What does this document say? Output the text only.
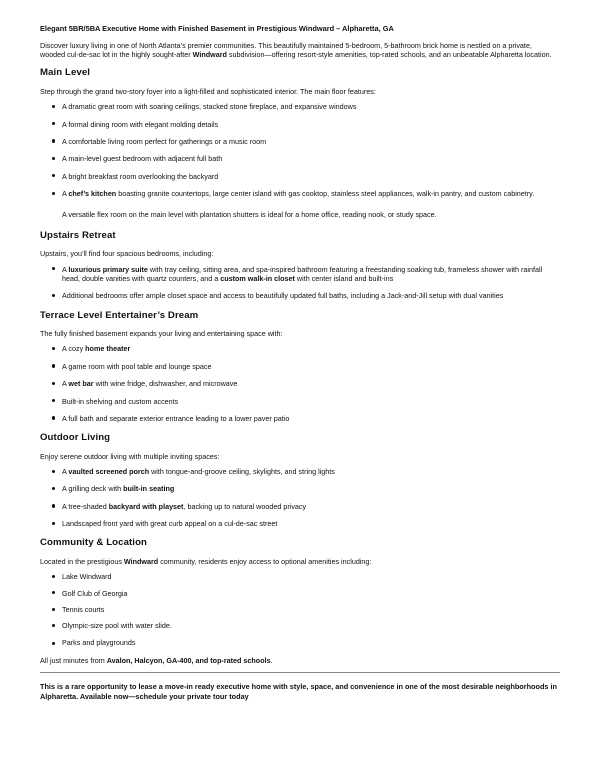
Elegant 5BR/5BA Executive Home with Finished Basement in Prestigious Windward – Alpharetta, GA

Discover luxury living in one of North Atlanta’s premier communities. This beautifully maintained 5-bedroom, 5-bathroom brick home is nestled on a private, wooded cul-de-sac lot in the highly sought-after Windward subdivision—offering resort-style amenities, top-rated schools, and an unbeatable Alpharetta location.

Main Level

Step through the grand two-story foyer into a light-filled and sophisticated interior. The main floor features:

A dramatic great room with soaring ceilings, stacked stone fireplace, and expansive windows
A formal dining room with elegant molding details
A comfortable living room perfect for gatherings or a music room
A main-level guest bedroom with adjacent full bath
A bright breakfast room overlooking the backyard
A chef’s kitchen boasting granite countertops, large center island with gas cooktop, stainless steel appliances, walk-in pantry, and custom cabinetry.

A versatile flex room on the main level with plantation shutters is ideal for a home office, reading nook, or study space.

Upstairs Retreat

Upstairs, you’ll find four spacious bedrooms, including:

A luxurious primary suite with tray ceiling, sitting area, and spa-inspired bathroom featuring a freestanding soaking tub, frameless shower with rainfall head, double vanities with quartz counters, and a custom walk-in closet with center island and built-ins
Additional bedrooms offer ample closet space and access to beautifully updated full baths, including a Jack-and-Jill setup with dual vanities
Terrace Level Entertainer’s Dream

The fully finished basement expands your living and entertaining space with:

A cozy home theater
A game room with pool table and lounge space
A wet bar with wine fridge, dishwasher, and microwave
Built-in shelving and custom accents
A full bath and separate exterior entrance leading to a lower paver patio
Outdoor Living

Enjoy serene outdoor living with multiple inviting spaces:

A vaulted screened porch with tongue-and-groove ceiling, skylights, and string lights
A grilling deck with built-in seating
A tree-shaded backyard with playset, backing up to natural wooded privacy
Landscaped front yard with great curb appeal on a cul-de-sac street
Community & Location

Located in the prestigious Windward community, residents enjoy access to optional amenities including:

Lake Windward
Golf Club of Georgia
Tennis courts
Olympic-size pool with water slide.
Parks and playgrounds

All just minutes from Avalon, Halcyon, GA-400, and top-rated schools.

This is a rare opportunity to lease a move-in ready executive home with style, space, and convenience in one of the most desirable neighborhoods in Alpharetta. Available now—schedule your private tour today
